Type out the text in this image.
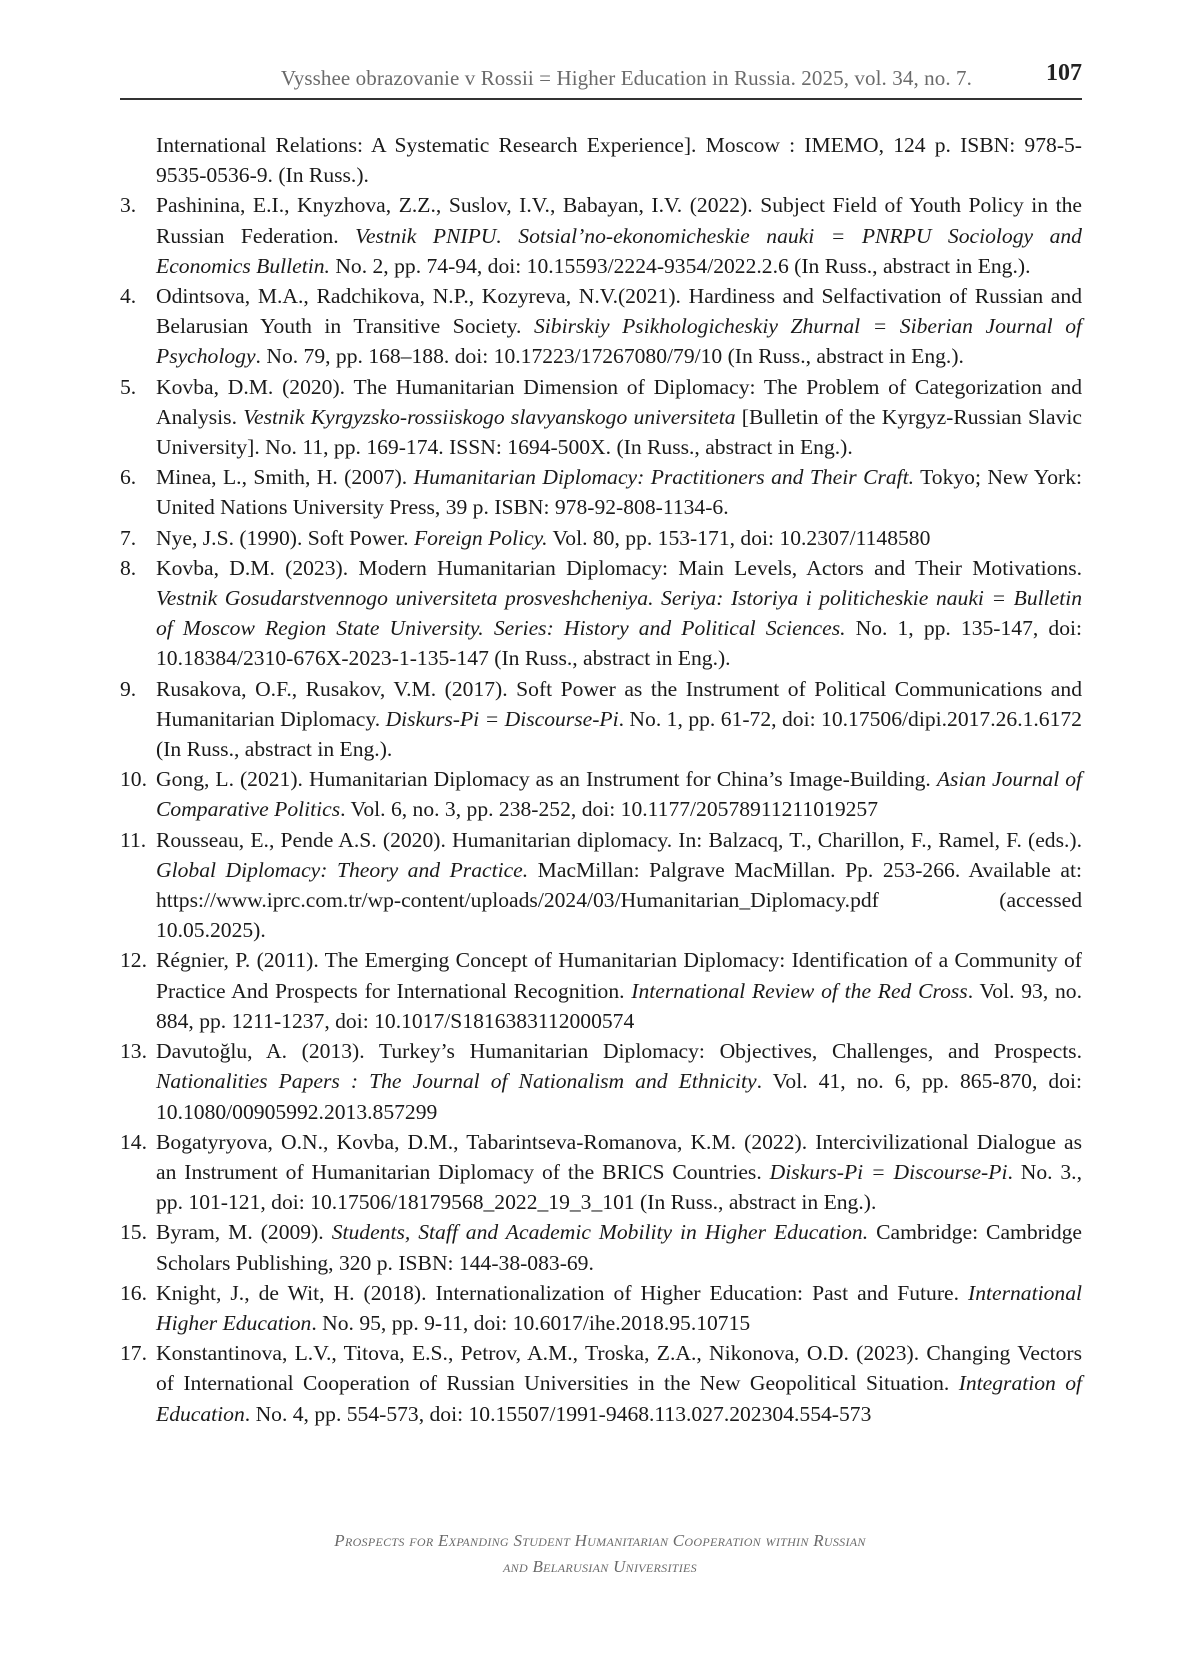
Vysshee obrazovanie v Rossii = Higher Education in Russia. 2025, vol. 34, no. 7.	107
International Relations: A Systematic Research Experience]. Moscow : IMEMO, 124 p. ISBN: 978-5-9535-0536-9. (In Russ.).
3. Pashinina, E.I., Knyzhova, Z.Z., Suslov, I.V., Babayan, I.V. (2022). Subject Field of Youth Policy in the Russian Federation. Vestnik PNIPU. Sotsial’no-ekonomicheskie nauki = PNRPU Sociology and Economics Bulletin. No. 2, pp. 74-94, doi: 10.15593/2224-9354/2022.2.6 (In Russ., abstract in Eng.).
4. Odintsova, M.A., Radchikova, N.P., Kozyreva, N.V.(2021). Hardiness and Selfactivation of Russian and Belarusian Youth in Transitive Society. Sibirskiy Psikhologicheskiy Zhurnal = Siberian Journal of Psychology. No. 79, pp. 168–188. doi: 10.17223/17267080/79/10 (In Russ., abstract in Eng.).
5. Kovba, D.M. (2020). The Humanitarian Dimension of Diplomacy: The Problem of Categorization and Analysis. Vestnik Kyrgyzsko-rossiiskogo slavyanskogo universiteta [Bulletin of the Kyrgyz-Russian Slavic University]. No. 11, pp. 169-174. ISSN: 1694-500X. (In Russ., abstract in Eng.).
6. Minea, L., Smith, H. (2007). Humanitarian Diplomacy: Practitioners and Their Craft. Tokyo; New York: United Nations University Press, 39 p. ISBN: 978-92-808-1134-6.
7. Nye, J.S. (1990). Soft Power. Foreign Policy. Vol. 80, pp. 153-171, doi: 10.2307/1148580
8. Kovba, D.M. (2023). Modern Humanitarian Diplomacy: Main Levels, Actors and Their Motivations. Vestnik Gosudarstvennogo universiteta prosveshcheniya. Seriya: Istoriya i politicheskie nauki = Bulletin of Moscow Region State University. Series: History and Political Sciences. No. 1, pp. 135-147, doi: 10.18384/2310-676X-2023-1-135-147 (In Russ., abstract in Eng.).
9. Rusakova, O.F., Rusakov, V.M. (2017). Soft Power as the Instrument of Political Communications and Humanitarian Diplomacy. Diskurs-Pi = Discourse-Pi. No. 1, pp. 61-72, doi: 10.17506/dipi.2017.26.1.6172 (In Russ., abstract in Eng.).
10. Gong, L. (2021). Humanitarian Diplomacy as an Instrument for China’s Image-Building. Asian Journal of Comparative Politics. Vol. 6, no. 3, pp. 238-252, doi: 10.1177/20578911211019257
11. Rousseau, E., Pende A.S. (2020). Humanitarian diplomacy. In: Balzacq, T., Charillon, F., Ramel, F. (eds.). Global Diplomacy: Theory and Practice. MacMillan: Palgrave MacMillan. Pp. 253-266. Available at: https://www.iprc.com.tr/wp-content/uploads/2024/03/Humanitarian_Diplomacy.pdf (accessed 10.05.2025).
12. Régnier, P. (2011). The Emerging Concept of Humanitarian Diplomacy: Identification of a Community of Practice And Prospects for International Recognition. International Review of the Red Cross. Vol. 93, no. 884, pp. 1211-1237, doi: 10.1017/S1816383112000574
13. Davutoğlu, A. (2013). Turkey’s Humanitarian Diplomacy: Objectives, Challenges, and Prospects. Nationalities Papers : The Journal of Nationalism and Ethnicity. Vol. 41, no. 6, pp. 865-870, doi: 10.1080/00905992.2013.857299
14. Bogatyryova, O.N., Kovba, D.M., Tabarintseva-Romanova, K.M. (2022). Intercivilizational Dialogue as an Instrument of Humanitarian Diplomacy of the BRICS Countries. Diskurs-Pi = Discourse-Pi. No. 3., pp. 101-121, doi: 10.17506/18179568_2022_19_3_101 (In Russ., abstract in Eng.).
15. Byram, M. (2009). Students, Staff and Academic Mobility in Higher Education. Cambridge: Cambridge Scholars Publishing, 320 p. ISBN: 144-38-083-69.
16. Knight, J., de Wit, H. (2018). Internationalization of Higher Education: Past and Future. International Higher Education. No. 95, pp. 9-11, doi: 10.6017/ihe.2018.95.10715
17. Konstantinova, L.V., Titova, E.S., Petrov, A.M., Troska, Z.A., Nikonova, O.D. (2023). Changing Vectors of International Cooperation of Russian Universities in the New Geopolitical Situation. Integration of Education. No. 4, pp. 554-573, doi: 10.15507/1991-9468.113.027.202304.554-573
Prospects for Expanding Student Humanitarian Cooperation within Russian
and Belarusian Universities
